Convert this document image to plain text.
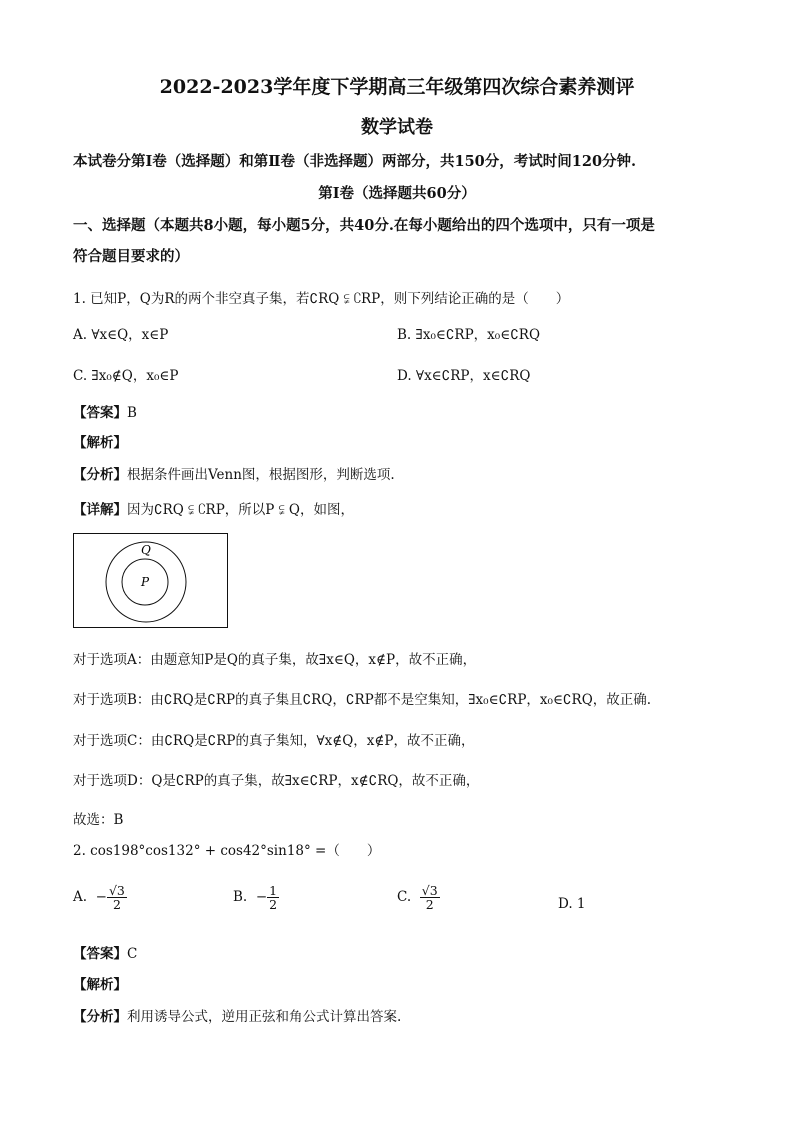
2022-2023学年度下学期高三年级第四次综合素养测评
数学试卷
本试卷分第Ⅰ卷（选择题）和第Ⅱ卷（非选择题）两部分，共150分，考试时间120分钟.
第Ⅰ卷（选择题共60分）
一、选择题（本题共8小题，每小题5分，共40分.在每小题给出的四个选项中，只有一项是
符合题目要求的）
1. 已知P，Q为R的两个非空真子集，若∁RQ ⫋ ∁RP，则下列结论正确的是（　　）
A. ∀x∈Q，x∈P	B. ∃x₀∈∁RP，x₀∈∁RQ
C. ∃x₀∉Q，x₀∈P	D. ∀x∈∁RP，x∈∁RQ
【答案】B
【解析】
【分析】根据条件画出Venn图，根据图形，判断选项.
【详解】因为∁RQ ⫋ ∁RP，所以P ⫋ Q，如图，
Q
P
对于选项A：由题意知P是Q的真子集，故∃x∈Q，x∉P，故不正确，
对于选项B：由∁RQ是∁RP的真子集且∁RQ，∁RP都不是空集知，∃x₀∈∁RP，x₀∈∁RQ，故正确.
对于选项C：由∁RQ是∁RP的真子集知，∀x∉Q，x∉P，故不正确，
对于选项D：Q是∁RP的真子集，故∃x∈∁RP，x∉∁RQ，故不正确，
故选：B
2. cos198°cos132° + cos42°sin18° =（　　）
A. − $\frac{√3}{2}$	B. − $\frac{1}{2}$	C. $\frac{√3}{2}$	D. 1
【答案】C
【解析】
【分析】利用诱导公式，逆用正弦和角公式计算出答案.
